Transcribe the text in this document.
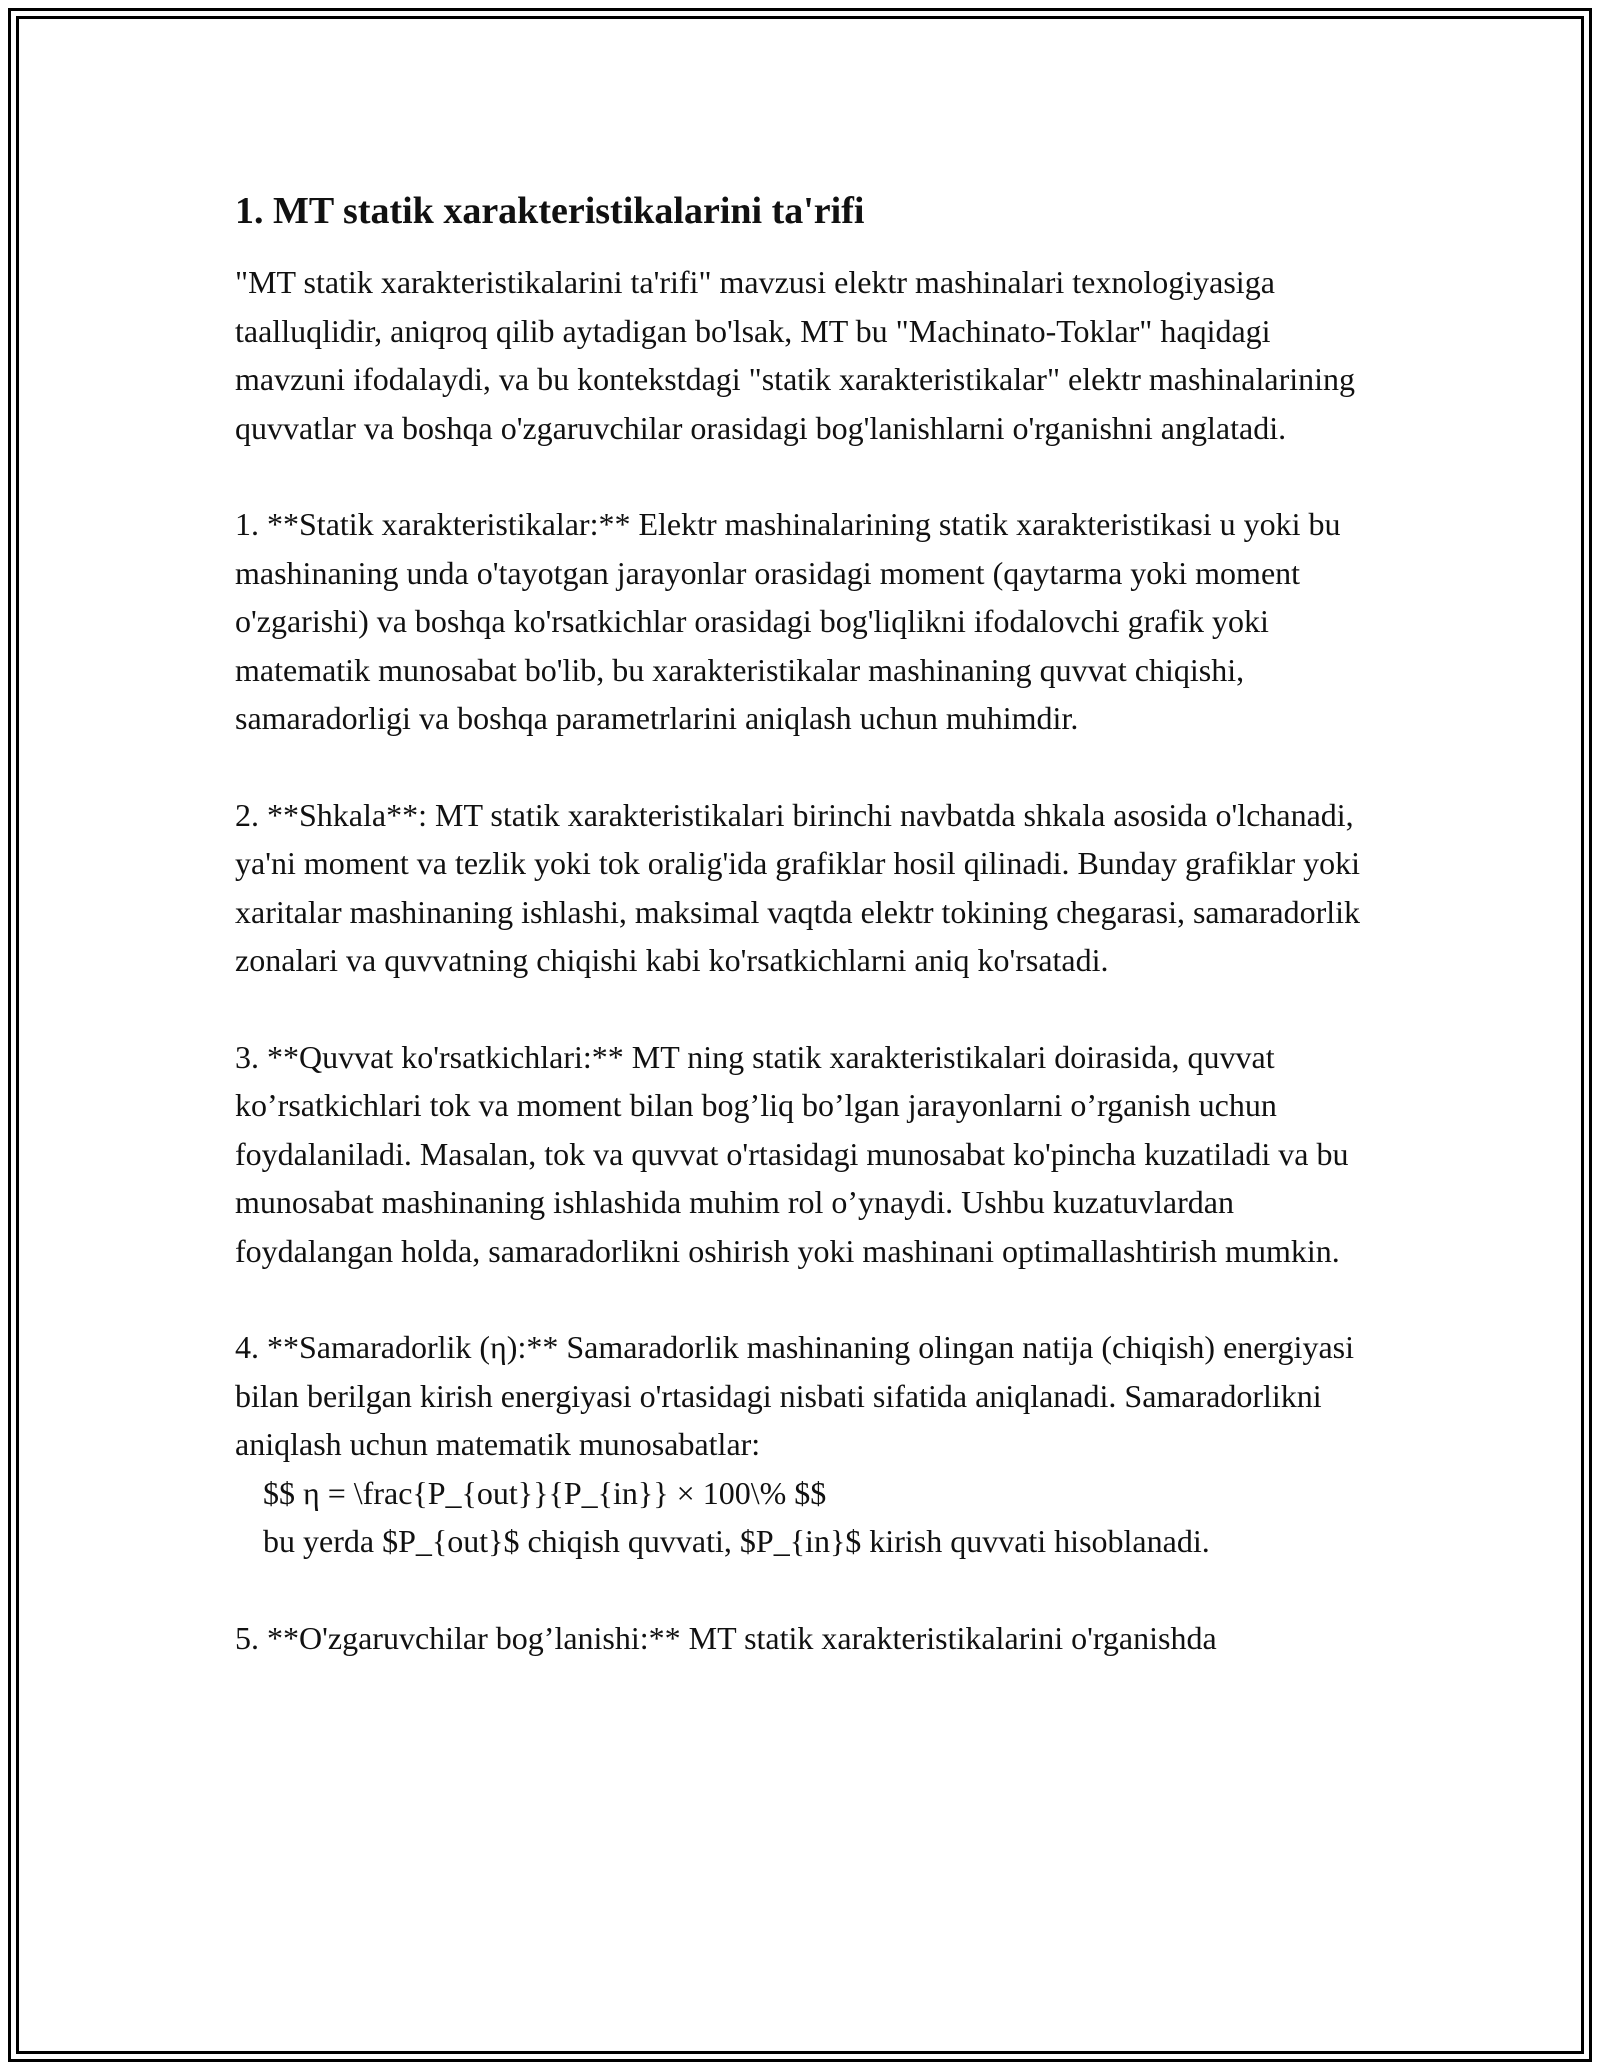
1. MT statik xarakteristikalarini ta'rifi

"MT statik xarakteristikalarini ta'rifi" mavzusi elektr mashinalari texnologiyasiga taalluqlidir, aniqroq qilib aytadigan bo'lsak, MT bu "Machinato-Toklar" haqidagi mavzuni ifodalaydi, va bu kontekstdagi "statik xarakteristikalar" elektr mashinalarining quvvatlar va boshqa o'zgaruvchilar orasidagi bog'lanishlarni o'rganishni anglatadi.

1. **Statik xarakteristikalar:** Elektr mashinalarining statik xarakteristikasi u yoki bu mashinaning unda o'tayotgan jarayonlar orasidagi moment (qaytarma yoki moment o'zgarishi) va boshqa ko'rsatkichlar orasidagi bog'liqlikni ifodalovchi grafik yoki matematik munosabat bo'lib, bu xarakteristikalar mashinaning quvvat chiqishi, samaradorligi va boshqa parametrlarini aniqlash uchun muhimdir.

2. **Shkala**: MT statik xarakteristikalari birinchi navbatda shkala asosida o'lchanadi, ya'ni moment va tezlik yoki tok oralig'ida grafiklar hosil qilinadi. Bunday grafiklar yoki xaritalar mashinaning ishlashi, maksimal vaqtda elektr tokining chegarasi, samaradorlik zonalari va quvvatning chiqishi kabi ko'rsatkichlarni aniq ko'rsatadi.

3. **Quvvat ko'rsatkichlari:** MT ning statik xarakteristikalari doirasida, quvvat ko’rsatkichlari tok va moment bilan bog’liq bo’lgan jarayonlarni o’rganish uchun foydalaniladi. Masalan, tok va quvvat o'rtasidagi munosabat ko'pincha kuzatiladi va bu munosabat mashinaning ishlashida muhim rol o’ynaydi. Ushbu kuzatuvlardan foydalangan holda, samaradorlikni oshirish yoki mashinani optimallashtirish mumkin.

4. **Samaradorlik (η):** Samaradorlik mashinaning olingan natija (chiqish) energiyasi bilan berilgan kirish energiyasi o'rtasidagi nisbati sifatida aniqlanadi. Samaradorlikni aniqlash uchun matematik munosabatlar:
$$ η = \frac{P_{out}}{P_{in}} × 100\% $$
bu yerda $P_{out}$ chiqish quvvati, $P_{in}$ kirish quvvati hisoblanadi.

5. **O'zgaruvchilar bog’lanishi:** MT statik xarakteristikalarini o'rganishda
